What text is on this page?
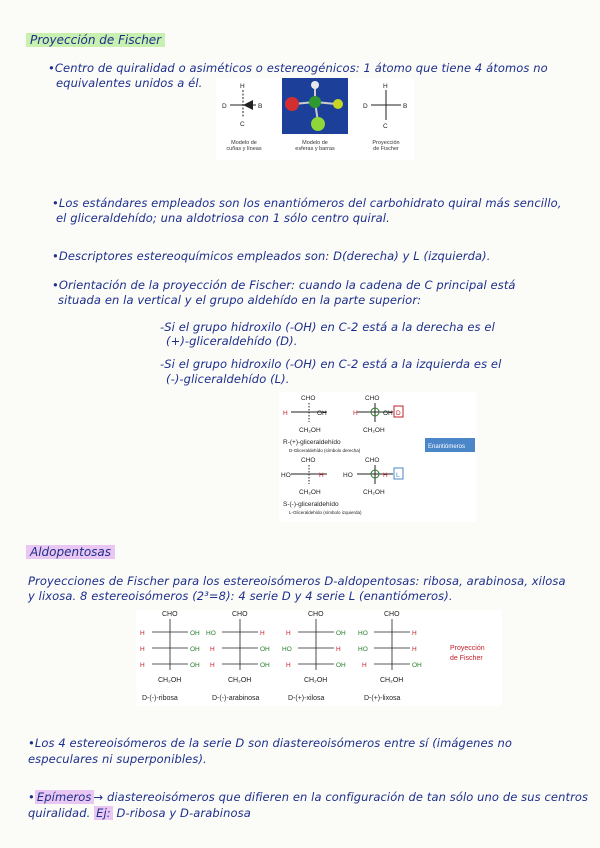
Proyección de Fischer
•Centro de quiralidad o asiméticos o estereogénicos: 1 átomo que tiene 4 átomos no
equivalentes unidos a él.	H
C
D	B
H
C
D	B
Modelo de
cuñas y líneas
Modelo de
esferas y barras
Proyección
de Fischer
•Los estándares empleados son los enantiómeros del carbohidrato quiral más sencillo,
el gliceraldehído; una aldotriosa con 1 sólo centro quiral.
•Descriptores estereoquímicos empleados son: D(derecha) y L (izquierda).
•Orientación de la proyección de Fischer: cuando la cadena de C principal está
situada en la vertical y el grupo aldehído en la parte superior:
-Si el grupo hidroxilo (-OH) en C-2 está a la derecha es el
(+)-gliceraldehído (D).
-Si el grupo hidroxilo (-OH) en C-2 está a la izquierda es el
(-)-gliceraldehído (L).
CHO
H	OH
CH₂OH
CHO
H	OH
CH₂OH
D
R-(+)-gliceraldehído
D-Gliceraldehído (símbolo derecha)
Enantiómeros
CHO
HO	H
CH₂OH
CHO
HO	H
CH₂OH
L
S-(-)-gliceraldehído
L-Gliceraldehído (símbolo izquierda)
Aldopentosas
Proyecciones de Fischer para los estereoisómeros D-aldopentosas: ribosa, arabinosa, xilosa
y lixosa. 8 estereoisómeros (2³=8): 4 serie D y 4 serie L (enantiómeros).
CHO
H	OH
H	OH
H	OH
CH₂OH
D-(-)-ribosa
CHO
HO	H
H	OH
H	OH
CH₂OH
D-(-)-arabinosa
CHO
H	OH
HO	H
H	OH
CH₂OH
D-(+)-xilosa
CHO
HO	H
HO	H
H	OH
CH₂OH
D-(+)-lixosa
Proyección
de Fischer
•Los 4 estereoisómeros de la serie D son diastereoisómeros entre sí (imágenes no
especulares ni superponibles).
• Epímeros → diastereoisómeros que difieren en la configuración de tan sólo uno de sus centros
quiralidad. Ej: D-ribosa y D-arabinosa
